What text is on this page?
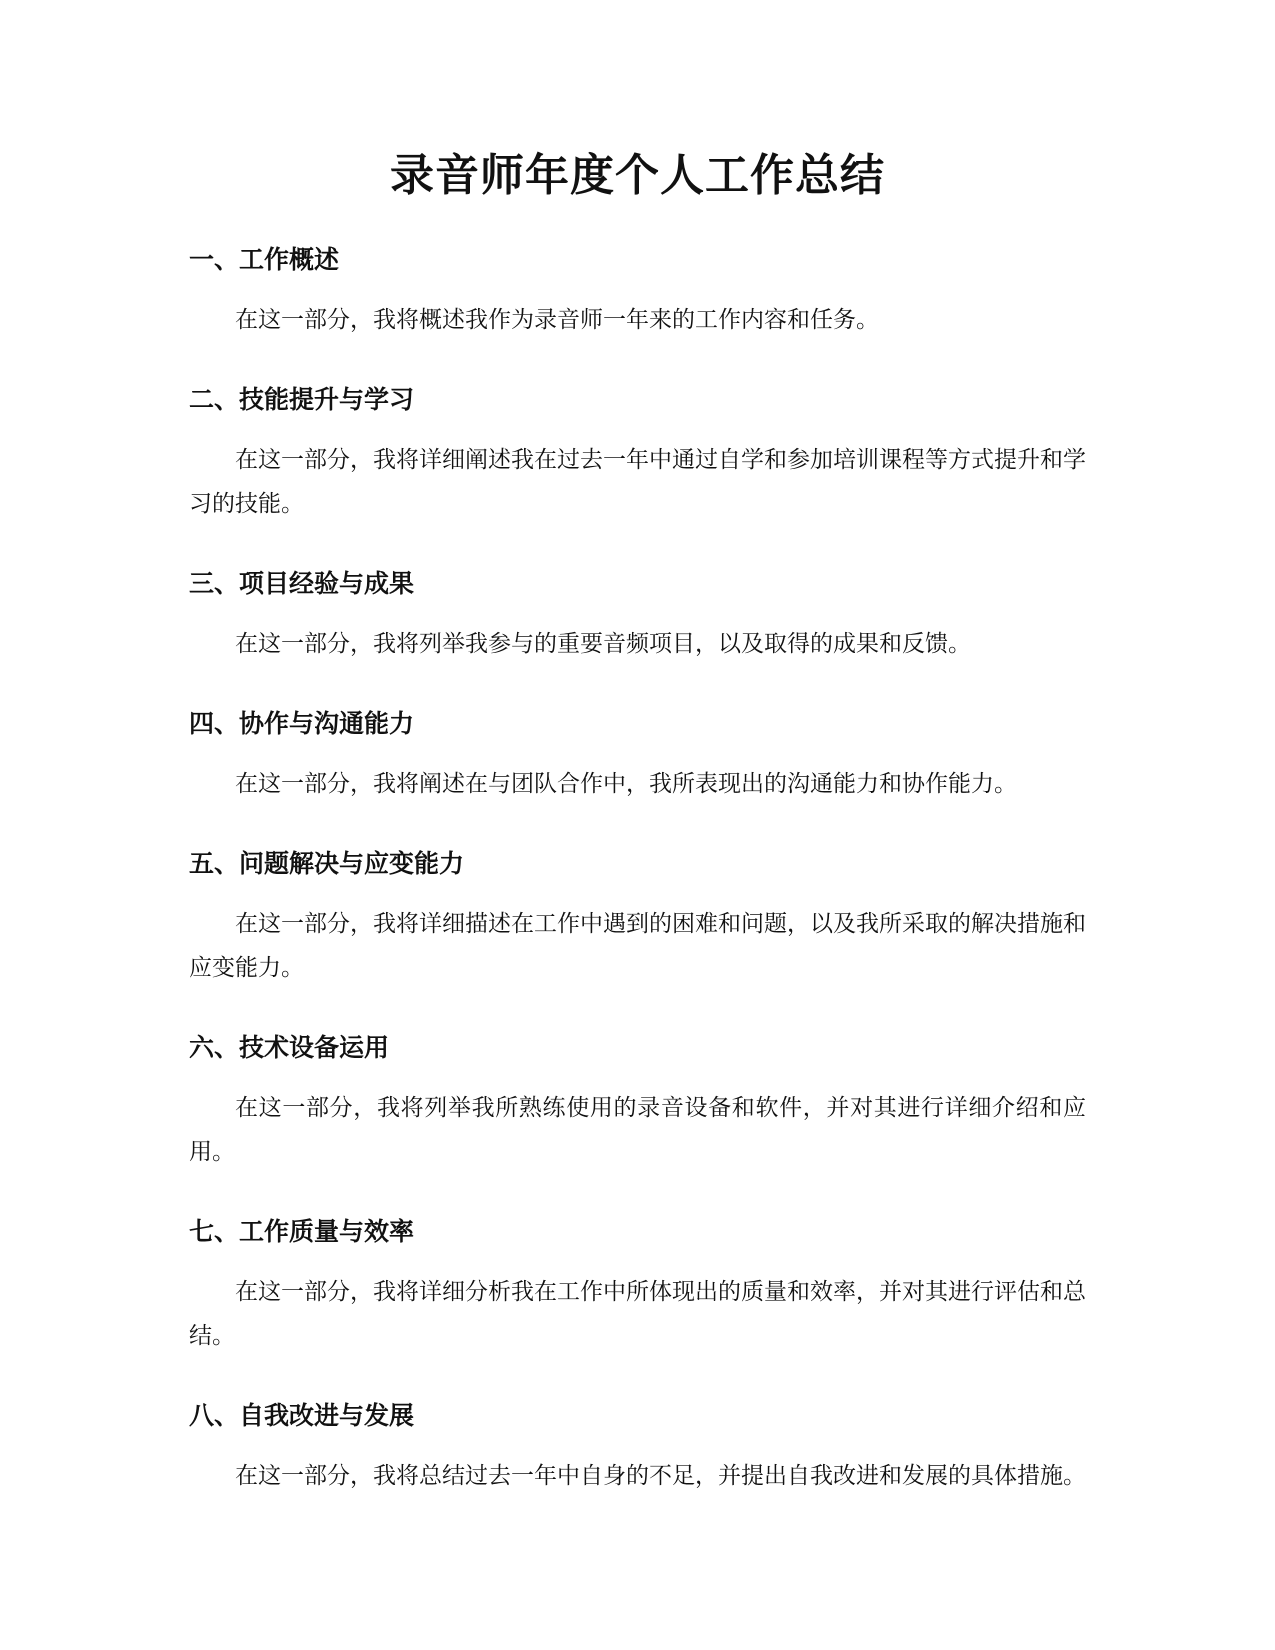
录音师年度个人工作总结
一、工作概述

在这一部分，我将概述我作为录音师一年来的工作内容和任务。

二、技能提升与学习

在这一部分，我将详细阐述我在过去一年中通过自学和参加培训课程等方式提升和学习的技能。

三、项目经验与成果

在这一部分，我将列举我参与的重要音频项目，以及取得的成果和反馈。

四、协作与沟通能力

在这一部分，我将阐述在与团队合作中，我所表现出的沟通能力和协作能力。

五、问题解决与应变能力

在这一部分，我将详细描述在工作中遇到的困难和问题，以及我所采取的解决措施和应变能力。

六、技术设备运用

在这一部分，我将列举我所熟练使用的录音设备和软件，并对其进行详细介绍和应用。

七、工作质量与效率

在这一部分，我将详细分析我在工作中所体现出的质量和效率，并对其进行评估和总结。

八、自我改进与发展

在这一部分，我将总结过去一年中自身的不足，并提出自我改进和发展的具体措施。
